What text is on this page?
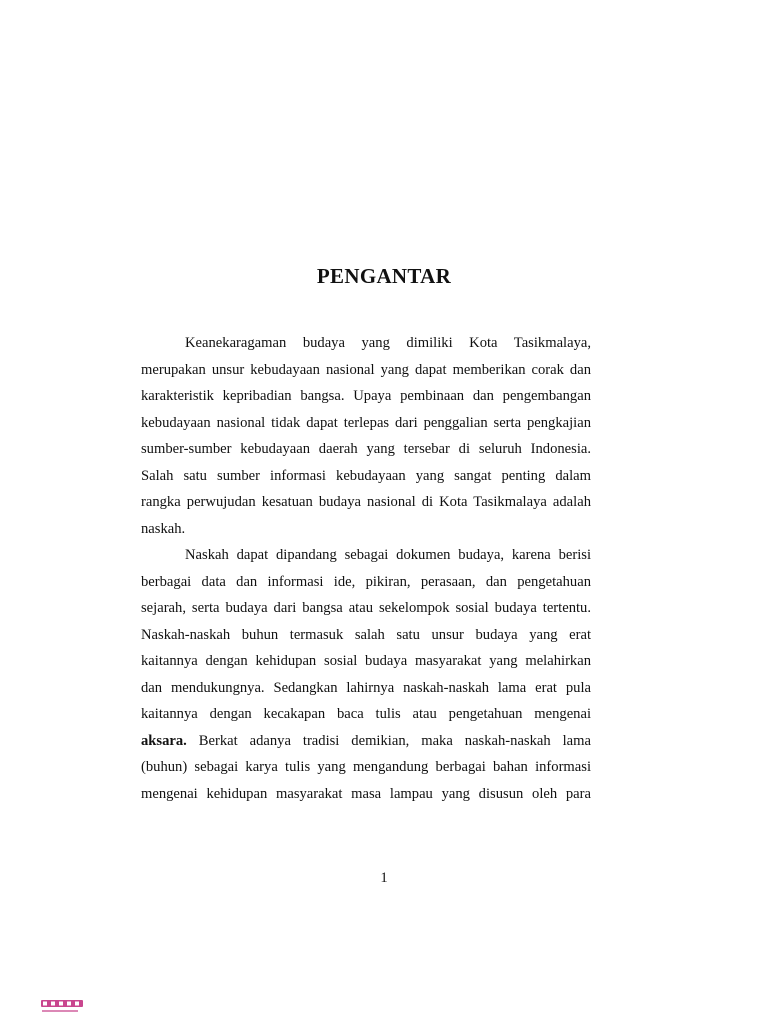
PENGANTAR
Keanekaragaman budaya yang dimiliki Kota Tasikmalaya,
merupakan unsur kebudayaan nasional yang dapat memberikan corak dan
karakteristik kepribadian bangsa. Upaya pembinaan dan pengembangan
kebudayaan nasional tidak dapat terlepas dari penggalian serta pengkajian
sumber-sumber kebudayaan daerah yang tersebar di seluruh Indonesia.
Salah satu sumber informasi kebudayaan yang sangat penting dalam
rangka perwujudan kesatuan budaya nasional di Kota Tasikmalaya adalah
naskah.
Naskah dapat dipandang sebagai dokumen budaya, karena berisi
berbagai data dan informasi ide, pikiran, perasaan, dan pengetahuan
sejarah, serta budaya dari bangsa atau sekelompok sosial budaya tertentu.
Naskah-naskah buhun termasuk salah satu unsur budaya yang erat
kaitannya dengan kehidupan sosial budaya masyarakat yang melahirkan
dan mendukungnya. Sedangkan lahirnya naskah-naskah lama erat pula
kaitannya dengan kecakapan baca tulis atau pengetahuan mengenai
aksara. Berkat adanya tradisi demikian, maka naskah-naskah lama
(buhun) sebagai karya tulis yang mengandung berbagai bahan informasi
mengenai kehidupan masyarakat masa lampau yang disusun oleh para
1
